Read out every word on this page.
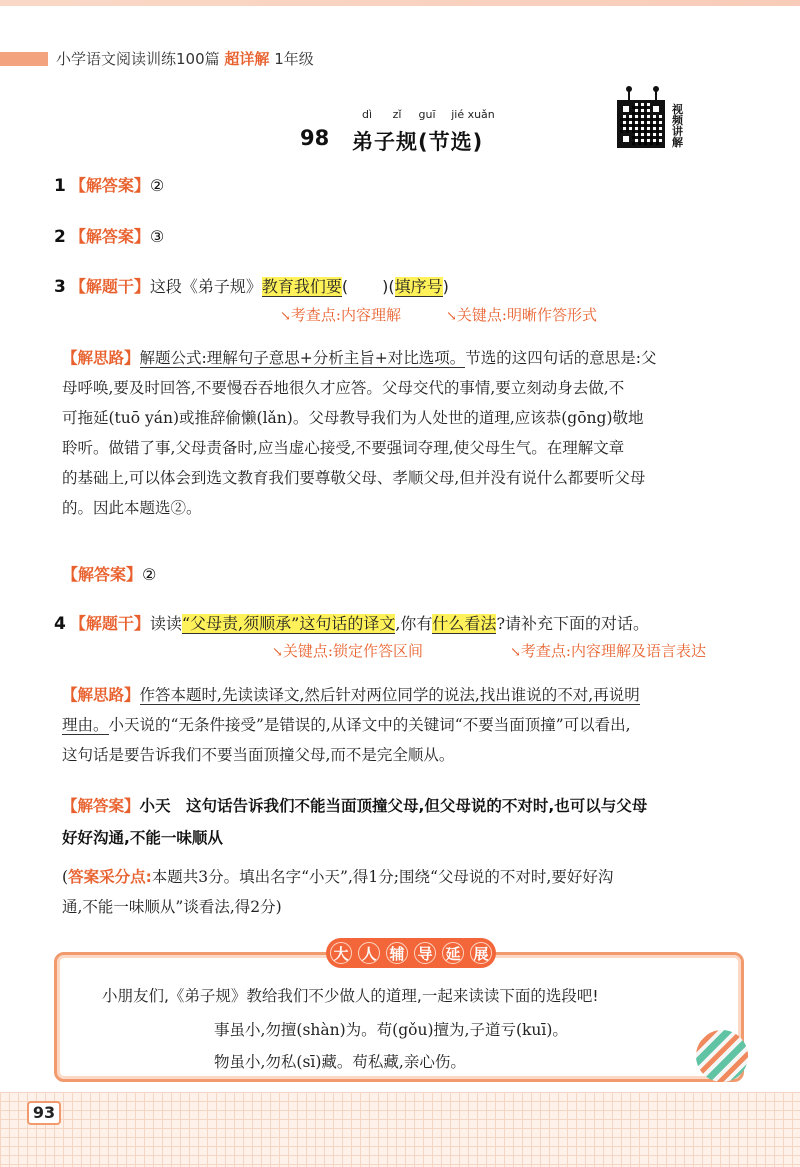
小学语文阅读训练100篇 超详解 1年级
dì zǐ guī jié xuǎn
98 弟子规(节选)
视频讲解
1 【解答案】②
2 【解答案】③
3 【解题干】这段《弟子规》教育我们要( )(填序号)
↘考查点:内容理解	↘关键点:明晰作答形式
【解思路】解题公式:理解句子意思+分析主旨+对比选项。节选的这四句话的意思是:父
母呼唤,要及时回答,不要慢吞吞地很久才应答。父母交代的事情,要立刻动身去做,不
可拖延(tuō yán)或推辞偷懒(lǎn)。父母教导我们为人处世的道理,应该恭(gōng)敬地
聆听。做错了事,父母责备时,应当虚心接受,不要强词夺理,使父母生气。在理解文章
的基础上,可以体会到选文教育我们要尊敬父母、孝顺父母,但并没有说什么都要听父母
的。因此本题选②。
【解答案】②
4 【解题干】读读“父母责,须顺承”这句话的译文,你有什么看法?请补充下面的对话。
↘关键点:锁定作答区间	↘考查点:内容理解及语言表达
【解思路】作答本题时,先读读译文,然后针对两位同学的说法,找出谁说的不对,再说明
理由。小天说的“无条件接受”是错误的,从译文中的关键词“不要当面顶撞”可以看出,
这句话是要告诉我们不要当面顶撞父母,而不是完全顺从。
【解答案】小天　这句话告诉我们不能当面顶撞父母,但父母说的不对时,也可以与父母
好好沟通,不能一味顺从
(答案采分点:本题共3分。填出名字“小天”,得1分;围绕“父母说的不对时,要好好沟
通,不能一味顺从”谈看法,得2分)
大 人 辅 导 延 展
小朋友们,《弟子规》教给我们不少做人的道理,一起来读读下面的选段吧!
事虽小,勿擅(shàn)为。苟(gǒu)擅为,子道亏(kuī)。
物虽小,勿私(sī)藏。苟私藏,亲心伤。
93
